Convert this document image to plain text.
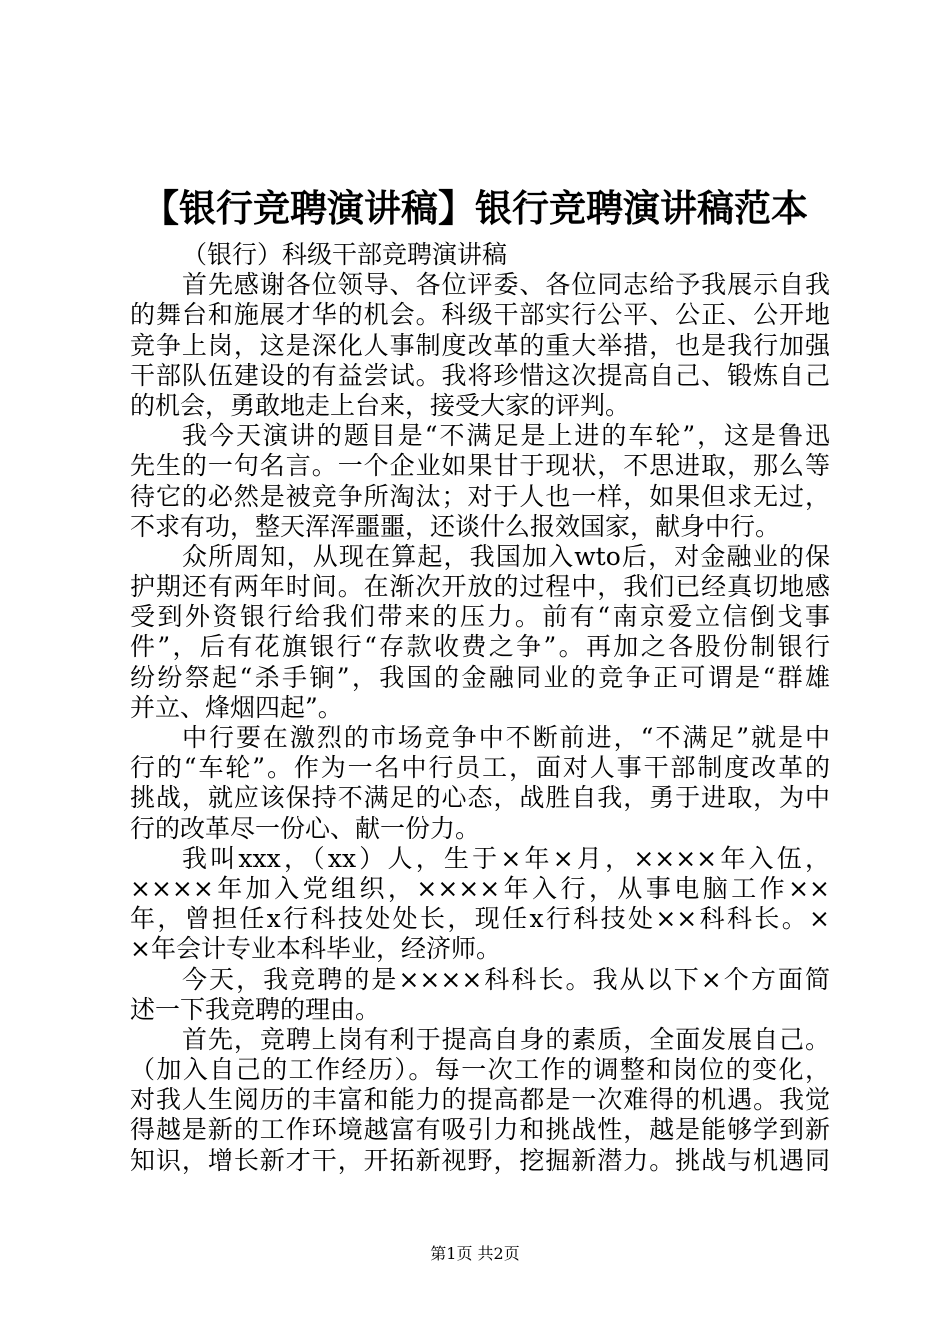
【银行竞聘演讲稿】银行竞聘演讲稿范本
（银行）科级干部竞聘演讲稿
首先感谢各位领导、各位评委、各位同志给予我展示自我
的舞台和施展才华的机会。科级干部实行公平、公正、公开地
竞争上岗，这是深化人事制度改革的重大举措，也是我行加强
干部队伍建设的有益尝试。我将珍惜这次提高自己、锻炼自己
的机会，勇敢地走上台来，接受大家的评判。
我今天演讲的题目是“不满足是上进的车轮”，这是鲁迅
先生的一句名言。一个企业如果甘于现状，不思进取，那么等
待它的必然是被竞争所淘汰；对于人也一样，如果但求无过，
不求有功，整天浑浑噩噩，还谈什么报效国家，献身中行。
众所周知，从现在算起，我国加入wto后，对金融业的保
护期还有两年时间。在渐次开放的过程中，我们已经真切地感
受到外资银行给我们带来的压力。前有“南京爱立信倒戈事
件”，后有花旗银行“存款收费之争”。再加之各股份制银行
纷纷祭起“杀手锏”，我国的金融同业的竞争正可谓是“群雄
并立、烽烟四起”。
中行要在激烈的市场竞争中不断前进，“不满足”就是中
行的“车轮”。作为一名中行员工，面对人事干部制度改革的
挑战，就应该保持不满足的心态，战胜自我，勇于进取，为中
行的改革尽一份心、献一份力。
我叫xxx，（xx）人，生于×年×月，××××年入伍，
××××年加入党组织，××××年入行，从事电脑工作××
年，曾担任x行科技处处长，现任x行科技处××科科长。×
×年会计专业本科毕业，经济师。
今天，我竞聘的是××××科科长。我从以下×个方面简
述一下我竞聘的理由。
首先，竞聘上岗有利于提高自身的素质，全面发展自己。
（加入自己的工作经历）。每一次工作的调整和岗位的变化，
对我人生阅历的丰富和能力的提高都是一次难得的机遇。我觉
得越是新的工作环境越富有吸引力和挑战性，越是能够学到新
知识，增长新才干，开拓新视野，挖掘新潜力。挑战与机遇同
第1页 共2页
